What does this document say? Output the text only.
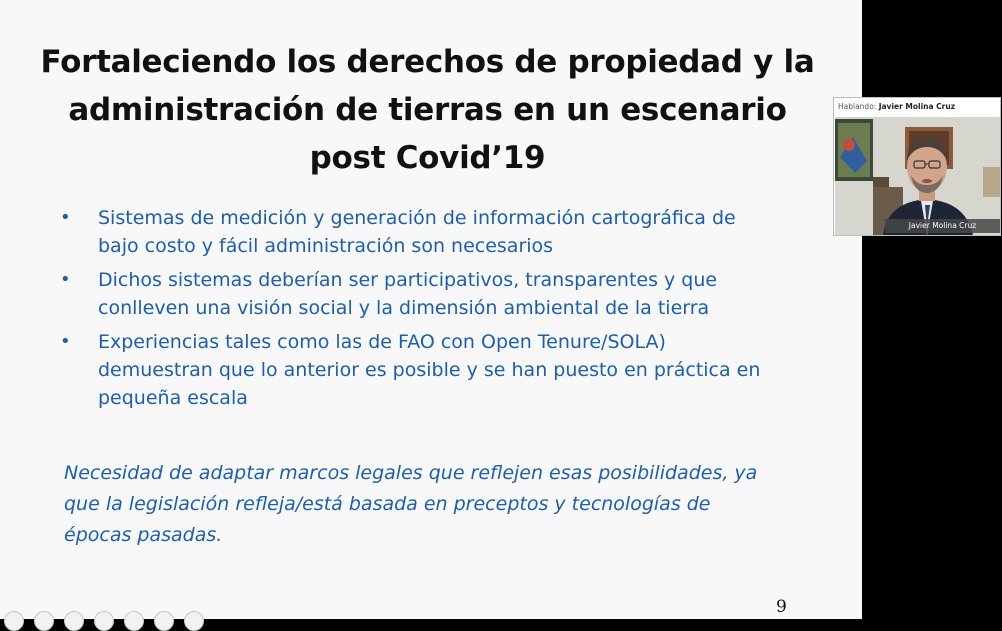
Fortaleciendo los derechos de propiedad y la
administración de tierras en un escenario
post Covid’19
• Sistemas de medición y generación de información cartográfica de
bajo costo y fácil administración son necesarios
• Dichos sistemas deberían ser participativos, transparentes y que
conlleven una visión social y la dimensión ambiental de la tierra
• Experiencias tales como las de FAO con Open Tenure/SOLA)
demuestran que lo anterior es posible y se han puesto en práctica en
pequeña escala
Necesidad de adaptar marcos legales que reflejen esas posibilidades, ya
que la legislación refleja/está basada en preceptos y tecnologías de
épocas pasadas.
9
Hablando: Javier Molina Cruz
Javier Molina Cruz
